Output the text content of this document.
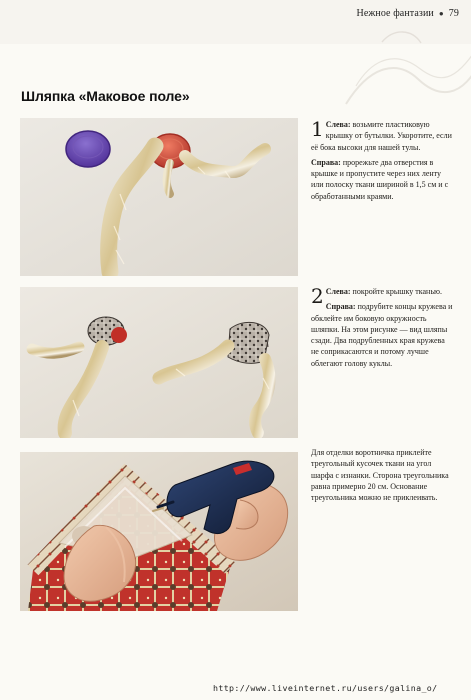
Нежное фантазии ● 79
Шляпка «Маковое поле»

1 Слева: возьмите пластиковую крышку от бутылки. Укоротите, если её бока высоки для нашей тулы.

Справа: прорежьте два отверстия в крышке и пропустите через них ленту или полоску ткани шириной в 1,5 см и с обработанными краями.

2 Слева: покройте крышку тканью.

Справа: подрубите концы кружева и обклейте им боковую окружность шляпки. На этом рисунке — вид шляпы сзади. Два подрубленных края кружева не соприкасаются и потому лучше облегают голову куклы.

Для отделки воротничка приклейте треугольный кусочек ткани на угол шарфа с изнанки. Сторона треугольника равна примерно 20 см. Основание треугольника можно не приклеивать.

http://www.liveinternet.ru/users/galina_o/
